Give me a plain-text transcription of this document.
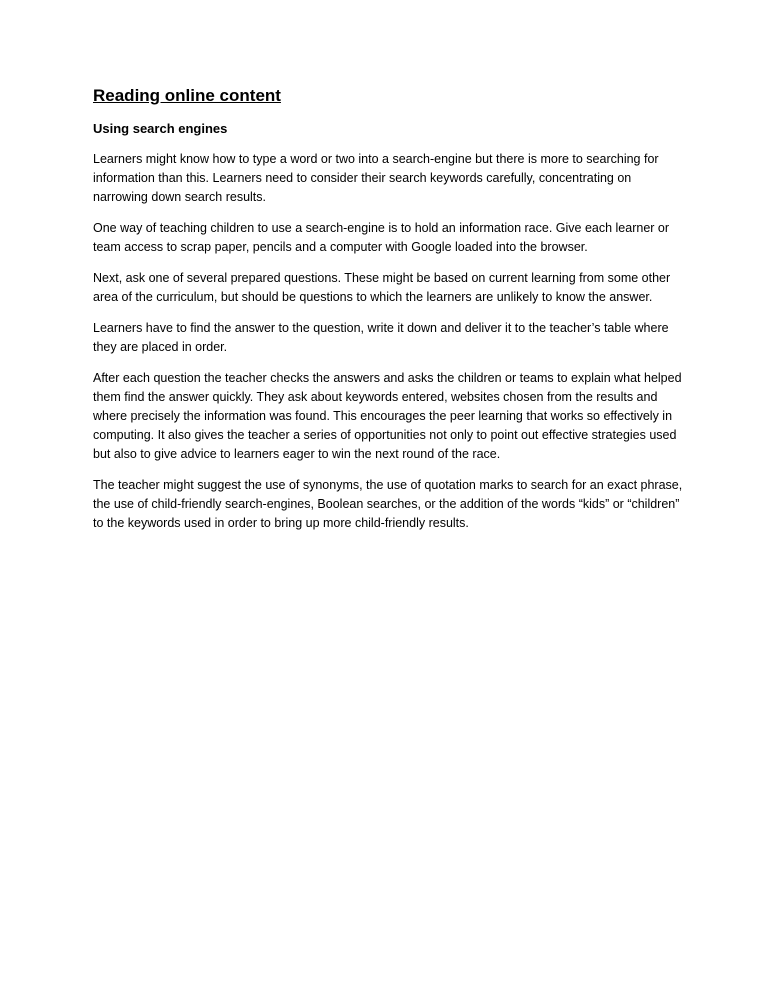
Reading online content
Using search engines

Learners might know how to type a word or two into a search-engine but there is more to searching for information than this. Learners need to consider their search keywords carefully, concentrating on narrowing down search results.

One way of teaching children to use a search-engine is to hold an information race. Give each learner or team access to scrap paper, pencils and a computer with Google loaded into the browser.

Next, ask one of several prepared questions. These might be based on current learning from some other area of the curriculum, but should be questions to which the learners are unlikely to know the answer.

Learners have to find the answer to the question, write it down and deliver it to the teacher’s table where they are placed in order.

After each question the teacher checks the answers and asks the children or teams to explain what helped them find the answer quickly. They ask about keywords entered, websites chosen from the results and where precisely the information was found. This encourages the peer learning that works so effectively in computing. It also gives the teacher a series of opportunities not only to point out effective strategies used but also to give advice to learners eager to win the next round of the race.

The teacher might suggest the use of synonyms, the use of quotation marks to search for an exact phrase, the use of child-friendly search-engines, Boolean searches, or the addition of the words “kids” or “children” to the keywords used in order to bring up more child-friendly results.
